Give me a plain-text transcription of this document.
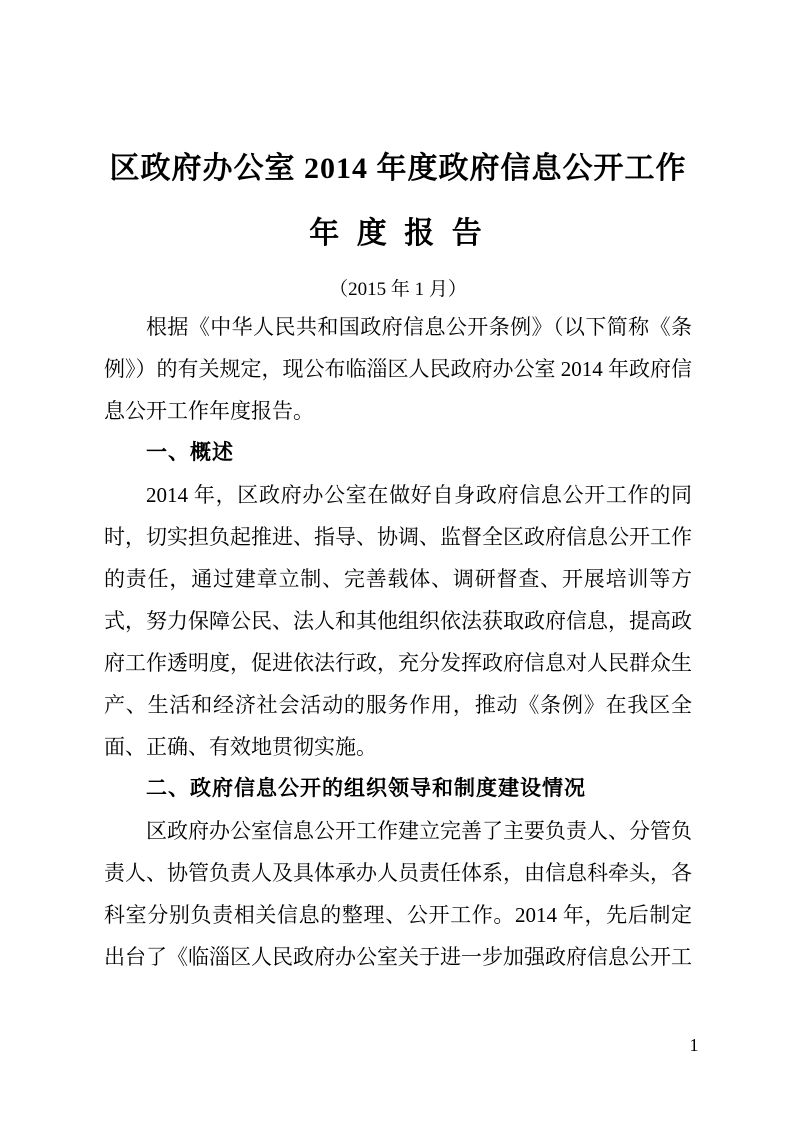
区政府办公室 2014 年度政府信息公开工作
年 度 报 告

（2015 年 1 月）

根据《中华人民共和国政府信息公开条例》（以下简称《条例》）的有关规定，现公布临淄区人民政府办公室 2014 年政府信息公开工作年度报告。

一、概述

2014 年，区政府办公室在做好自身政府信息公开工作的同时，切实担负起推进、指导、协调、监督全区政府信息公开工作的责任，通过建章立制、完善载体、调研督查、开展培训等方式，努力保障公民、法人和其他组织依法获取政府信息，提高政府工作透明度，促进依法行政，充分发挥政府信息对人民群众生产、生活和经济社会活动的服务作用，推动《条例》在我区全面、正确、有效地贯彻实施。

二、政府信息公开的组织领导和制度建设情况

区政府办公室信息公开工作建立完善了主要负责人、分管负责人、协管负责人及具体承办人员责任体系，由信息科牵头，各科室分别负责相关信息的整理、公开工作。2014 年，先后制定出台了《临淄区人民政府办公室关于进一步加强政府信息公开工

1
